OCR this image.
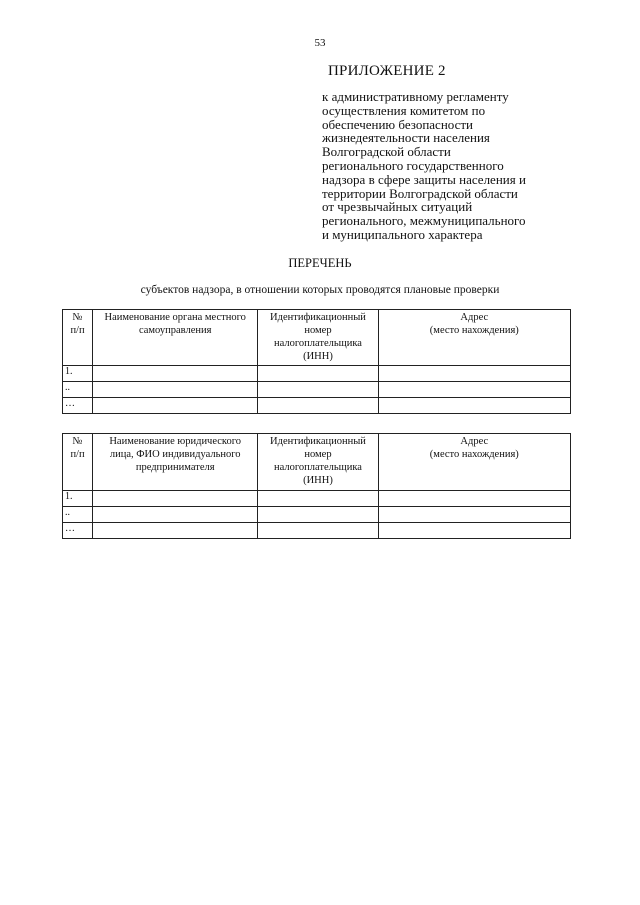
53
ПРИЛОЖЕНИЕ 2
к административному регламенту
осуществления комитетом по
обеспечению безопасности
жизнедеятельности населения
Волгоградской области
регионального государственного
надзора в сфере защиты населения и
территории Волгоградской области
от чрезвычайных ситуаций
регионального, межмуниципального
и муниципального характера
ПЕРЕЧЕНЬ
субъектов надзора, в отношении которых проводятся плановые проверки
№
п/п	Наименование органа местного
самоуправления	Идентификационный
номер
налогоплательщика
(ИНН)	Адрес
(место нахождения)
1.			
..			
…			
№
п/п	Наименование юридического
лица, ФИО индивидуального
предпринимателя	Идентификационный
номер
налогоплательщика
(ИНН)	Адрес
(место нахождения)
1.			
..			
…			
